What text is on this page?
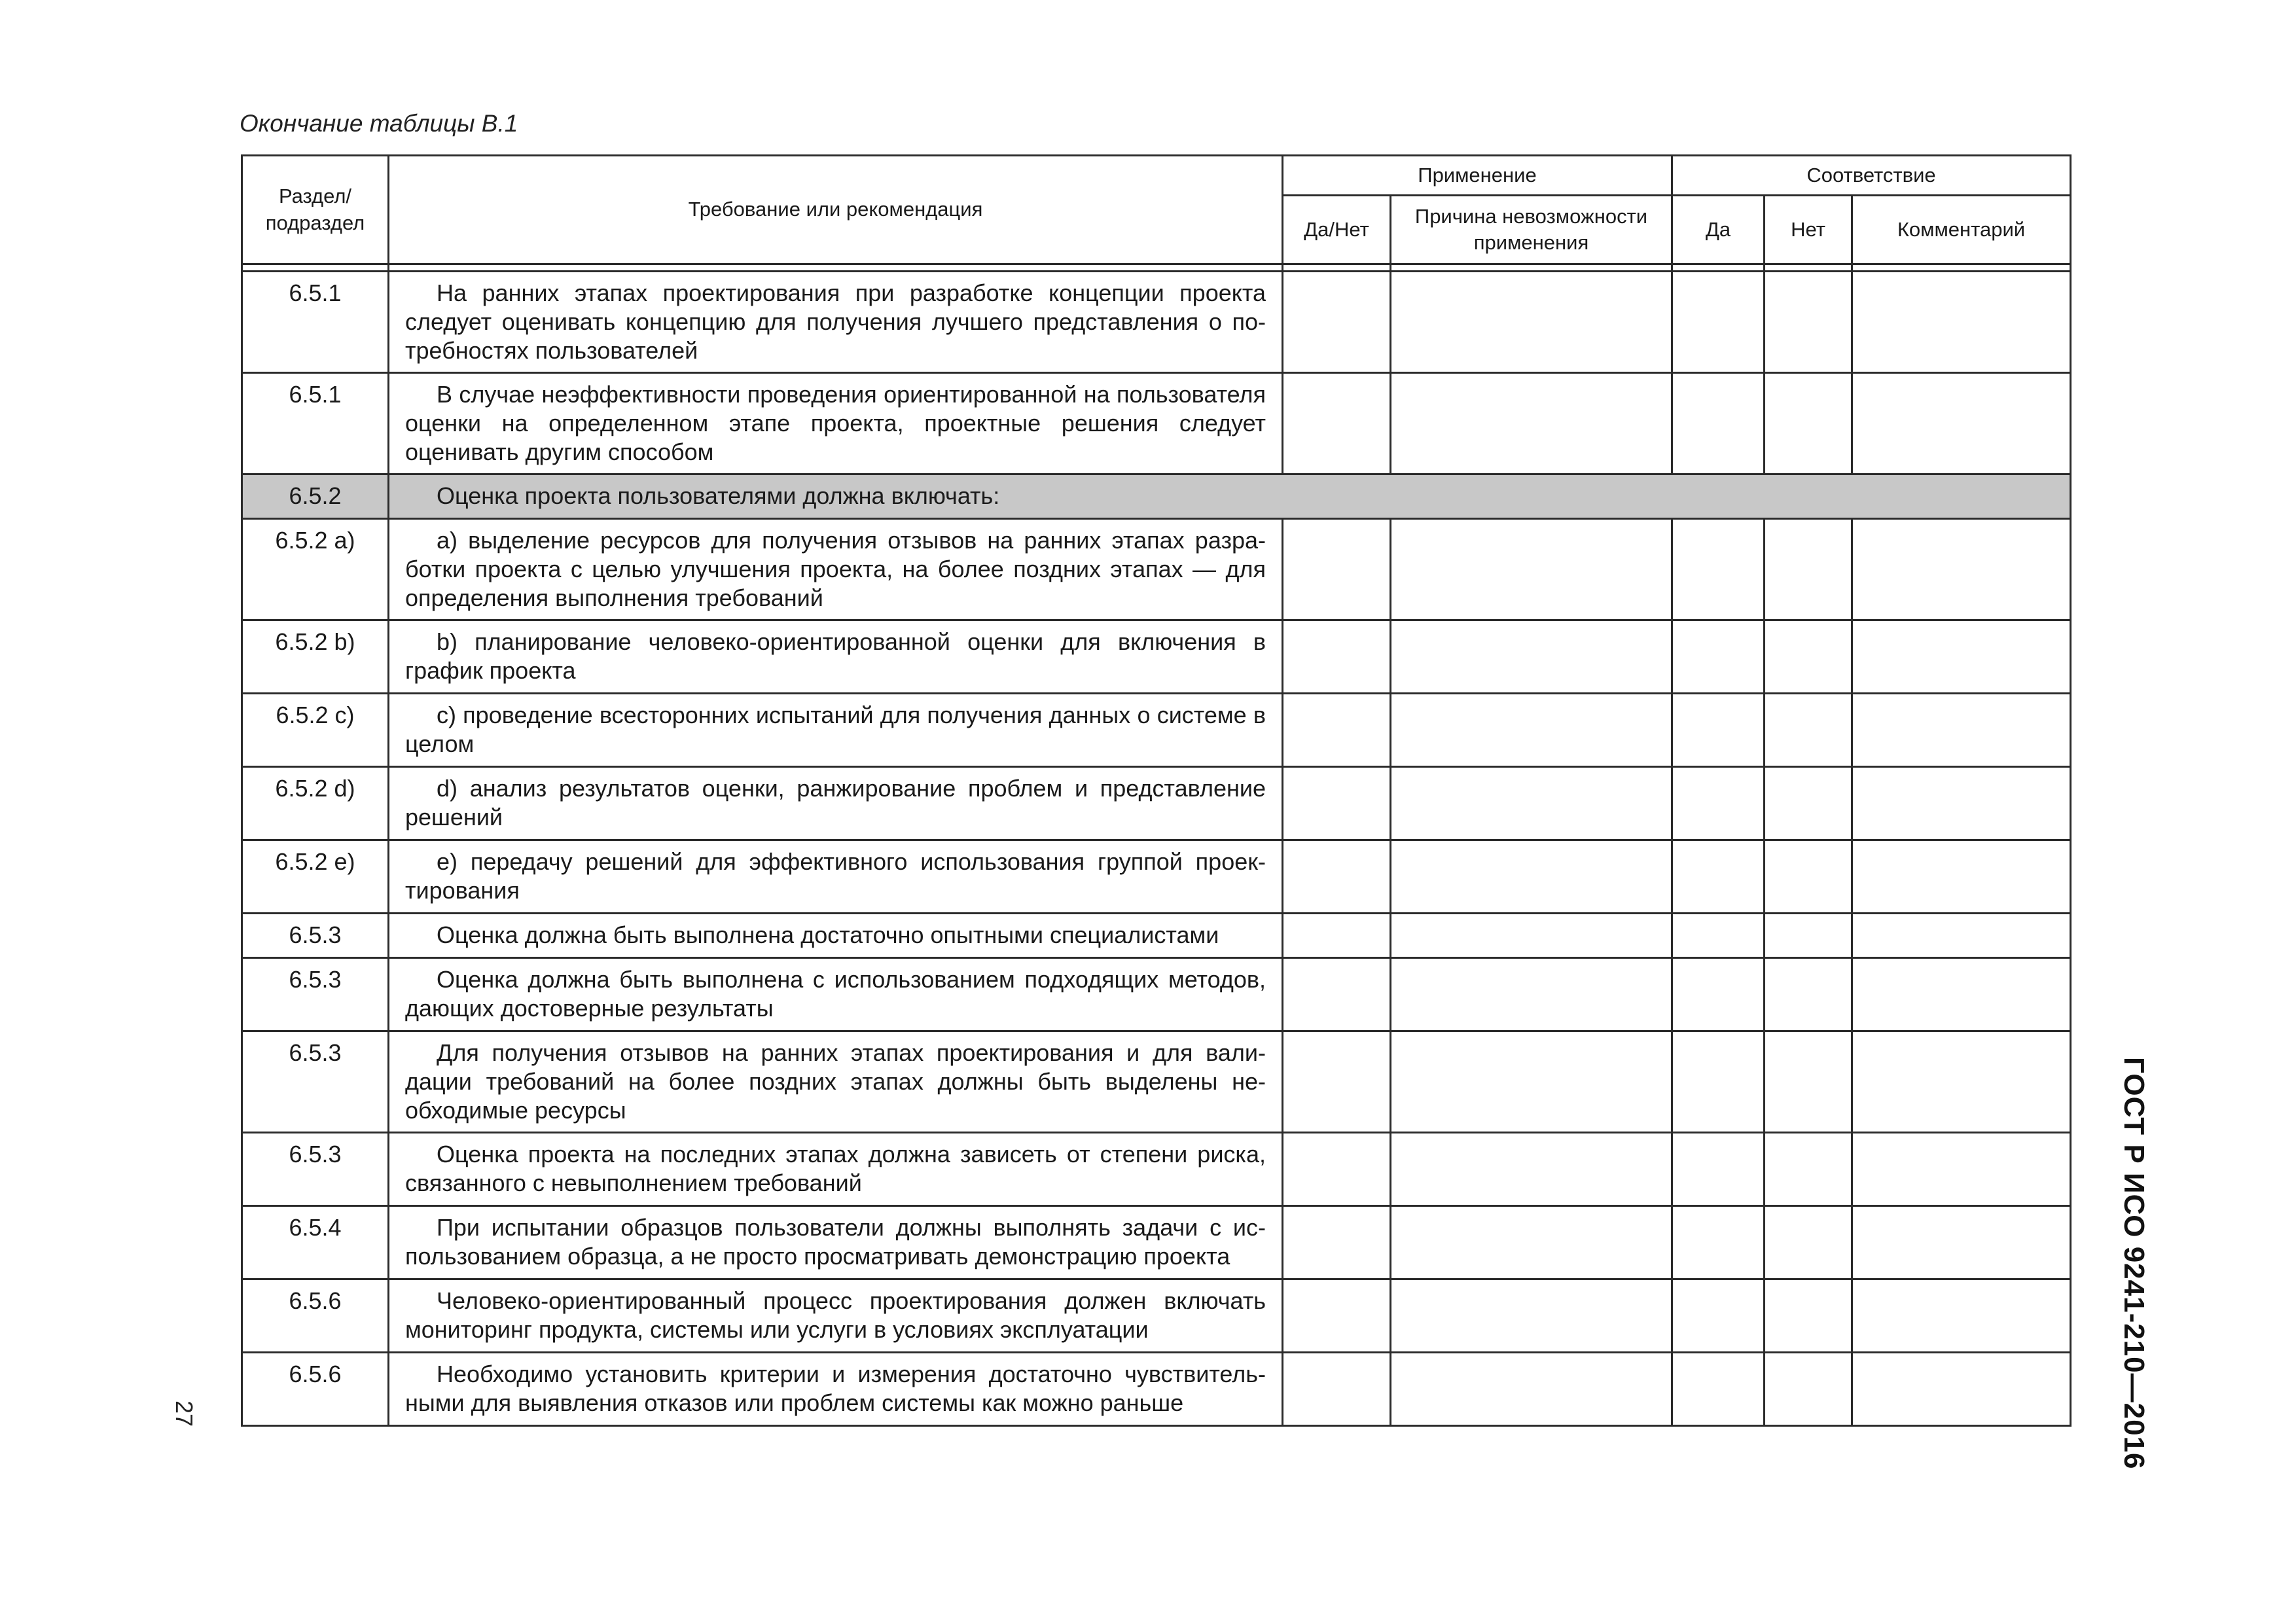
Окончание таблицы В.1
Раздел/ подраздел	Требование или рекомендация	Применение		Соответствие		
		Да/Нет	Причина невозможности применения	Да	Нет	Комментарий

6.5.1	На ранних этапах проектирования при разработке концепции проекта следует оценивать концепцию для получения лучшего представления о потребностях пользователей					
6.5.1	В случае неэффективности проведения ориентированной на пользователя оценки на определенном этапе проекта, проектные решения следует оценивать другим способом					
6.5.2	Оценка проекта пользователями должна включать:					
6.5.2 a)	a) выделение ресурсов для получения отзывов на ранних этапах разработки проекта с целью улучшения проекта, на более поздних этапах — для определения выполнения требований					
6.5.2 b)	b) планирование человеко-ориентированной оценки для включения в график проекта					
6.5.2 c)	c) проведение всесторонних испытаний для получения данных о системе в целом					
6.5.2 d)	d) анализ результатов оценки, ранжирование проблем и представление решений					
6.5.2 e)	e) передачу решений для эффективного использования группой проектирования					
6.5.3	Оценка должна быть выполнена достаточно опытными специалистами					
6.5.3	Оценка должна быть выполнена с использованием подходящих методов, дающих достоверные результаты					
6.5.3	Для получения отзывов на ранних этапах проектирования и для валидации требований на более поздних этапах должны быть выделены необходимые ресурсы					
6.5.3	Оценка проекта на последних этапах должна зависеть от степени риска, связанного с невыполнением требований					
6.5.4	При испытании образцов пользователи должны выполнять задачи с использованием образца, а не просто просматривать демонстрацию проекта					
6.5.6	Человеко-ориентированный процесс проектирования должен включать мониторинг продукта, системы или услуги в условиях эксплуатации					
6.5.6	Необходимо установить критерии и измерения достаточно чувствительными для выявления отказов или проблем системы как можно раньше						ГОСТ Р ИСО 9241-210—2016
27
